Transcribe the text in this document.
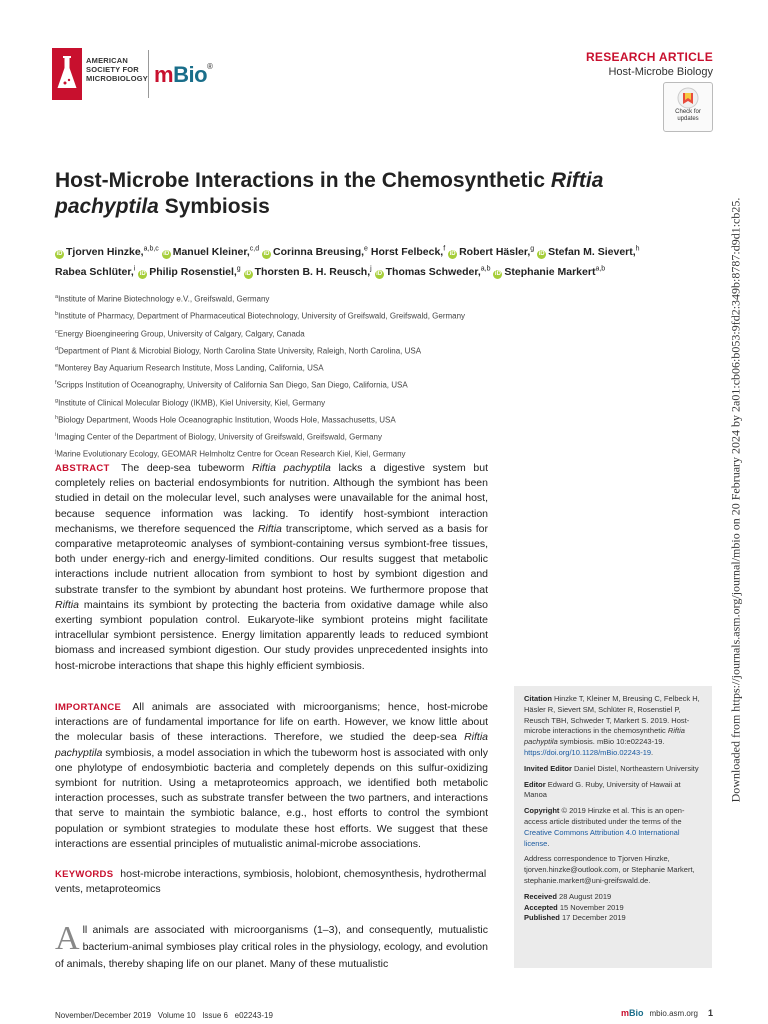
AMERICAN SOCIETY FOR MICROBIOLOGY mBio®
RESEARCH ARTICLE
Host-Microbe Biology
Check for updates
Host-Microbe Interactions in the Chemosynthetic Riftia pachyptila Symbiosis
iD Tjorven Hinzke,$^{a,b,c}$ iD Manuel Kleiner,$^{c,d}$ iD Corinna Breusing,$^e$ Horst Felbeck,$^f$ iD Robert Häsler,$^g$ iD Stefan M. Sievert,$^h$ Rabea Schlüter,$^i$ iD Philip Rosenstiel,$^g$ iD Thorsten B. H. Reusch,$^j$ iD Thomas Schweder,$^{a,b}$ iD Stephanie Markert$^{a,b}$
$^a$Institute of Marine Biotechnology e.V., Greifswald, Germany
$^b$Institute of Pharmacy, Department of Pharmaceutical Biotechnology, University of Greifswald, Greifswald, Germany
$^c$Energy Bioengineering Group, University of Calgary, Calgary, Canada
$^d$Department of Plant & Microbial Biology, North Carolina State University, Raleigh, North Carolina, USA
$^e$Monterey Bay Aquarium Research Institute, Moss Landing, California, USA
$^f$Scripps Institution of Oceanography, University of California San Diego, San Diego, California, USA
$^g$Institute of Clinical Molecular Biology (IKMB), Kiel University, Kiel, Germany
$^h$Biology Department, Woods Hole Oceanographic Institution, Woods Hole, Massachusetts, USA
$^i$Imaging Center of the Department of Biology, University of Greifswald, Greifswald, Germany
$^j$Marine Evolutionary Ecology, GEOMAR Helmholtz Centre for Ocean Research Kiel, Kiel, Germany
ABSTRACT The deep-sea tubeworm Riftia pachyptila lacks a digestive system but completely relies on bacterial endosymbionts for nutrition. Although the symbiont has been studied in detail on the molecular level, such analyses were unavailable for the animal host, because sequence information was lacking. To identify host-symbiont interaction mechanisms, we therefore sequenced the Riftia transcriptome, which served as a basis for comparative metaproteomic analyses of symbiont-containing versus symbiont-free tissues, both under energy-rich and energy-limited conditions. Our results suggest that metabolic interactions include nutrient allocation from symbiont to host by symbiont digestion and substrate transfer to the symbiont by abundant host proteins. We furthermore propose that Riftia maintains its symbiont by protecting the bacteria from oxidative damage while also exerting symbiont population control. Eukaryote-like symbiont proteins might facilitate intracellular symbiont persistence. Energy limitation apparently leads to reduced symbiont biomass and increased symbiont digestion. Our study provides unprecedented insights into host-microbe interactions that shape this highly efficient symbiosis.
IMPORTANCE All animals are associated with microorganisms; hence, host-microbe interactions are of fundamental importance for life on earth. However, we know little about the molecular basis of these interactions. Therefore, we studied the deep-sea Riftia pachyptila symbiosis, a model association in which the tubeworm host is associated with only one phylotype of endosymbiotic bacteria and completely depends on this sulfur-oxidizing symbiont for nutrition. Using a metaproteomics approach, we identified both metabolic interaction processes, such as substrate transfer between the two partners, and interactions that serve to maintain the symbiotic balance, e.g., host efforts to control the symbiont population or symbiont strategies to modulate these host efforts. We suggest that these interactions are essential principles of mutualistic animal-microbe associations.
KEYWORDS host-microbe interactions, symbiosis, holobiont, chemosynthesis, hydrothermal vents, metaproteomics
A ll animals are associated with microorganisms (1–3), and consequently, mutualistic bacterium-animal symbioses play critical roles in the physiology, ecology, and evolution of animals, thereby shaping life on our planet. Many of these mutualistic
Citation Hinzke T, Kleiner M, Breusing C, Felbeck H, Häsler R, Sievert SM, Schlüter R, Rosenstiel P, Reusch TBH, Schweder T, Markert S. 2019. Host-microbe interactions in the chemosynthetic Riftia pachyptila symbiosis. mBio 10:e02243-19. https://doi.org/10.1128/mBio.02243-19.
Invited Editor Daniel Distel, Northeastern University
Editor Edward G. Ruby, University of Hawaii at Manoa
Copyright © 2019 Hinzke et al. This is an open-access article distributed under the terms of the Creative Commons Attribution 4.0 International license.
Address correspondence to Tjorven Hinzke, tjorven.hinzke@outlook.com, or Stephanie Markert, stephanie.markert@uni-greifswald.de.
Received 28 August 2019
Accepted 15 November 2019
Published 17 December 2019
November/December 2019   Volume 10   Issue 6   e02243-19	mBio mbio.asm.org 1
Downloaded from https://journals.asm.org/journal/mbio on 20 February 2024 by 2a01:cb06:b053:9fd2:349b:8787:d9d1:cb25.
